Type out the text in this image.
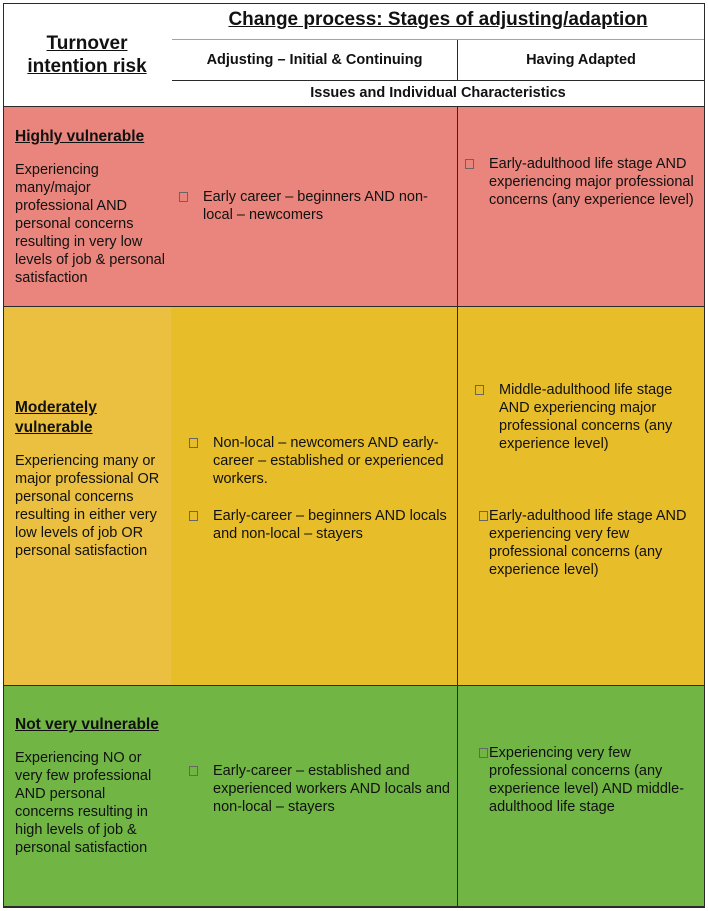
Turnover intention risk
Change process: Stages of adjusting/adaption
Adjusting – Initial & Continuing	Having Adapted
Issues and Individual Characteristics
Highly vulnerable
Experiencing many/major professional AND personal concerns resulting in very low levels of job & personal satisfaction
Early career – beginners AND non-local – newcomers
Early-adulthood life stage AND experiencing major professional concerns (any experience level)
Moderately vulnerable
Experiencing many or major professional OR personal concerns resulting in either very low levels of job OR personal satisfaction
Non-local – newcomers AND early-career – established or experienced workers.
Early-career – beginners AND locals and non-local – stayers
Middle-adulthood life stage AND experiencing major professional concerns (any experience level)
Early-adulthood life stage AND experiencing very few professional concerns (any experience level)
Not very vulnerable
Experiencing NO or very few professional AND personal concerns resulting in high levels of job & personal satisfaction
Early-career – established and experienced workers AND locals and non-local – stayers
Experiencing very few professional concerns (any experience level) AND middle-adulthood life stage
